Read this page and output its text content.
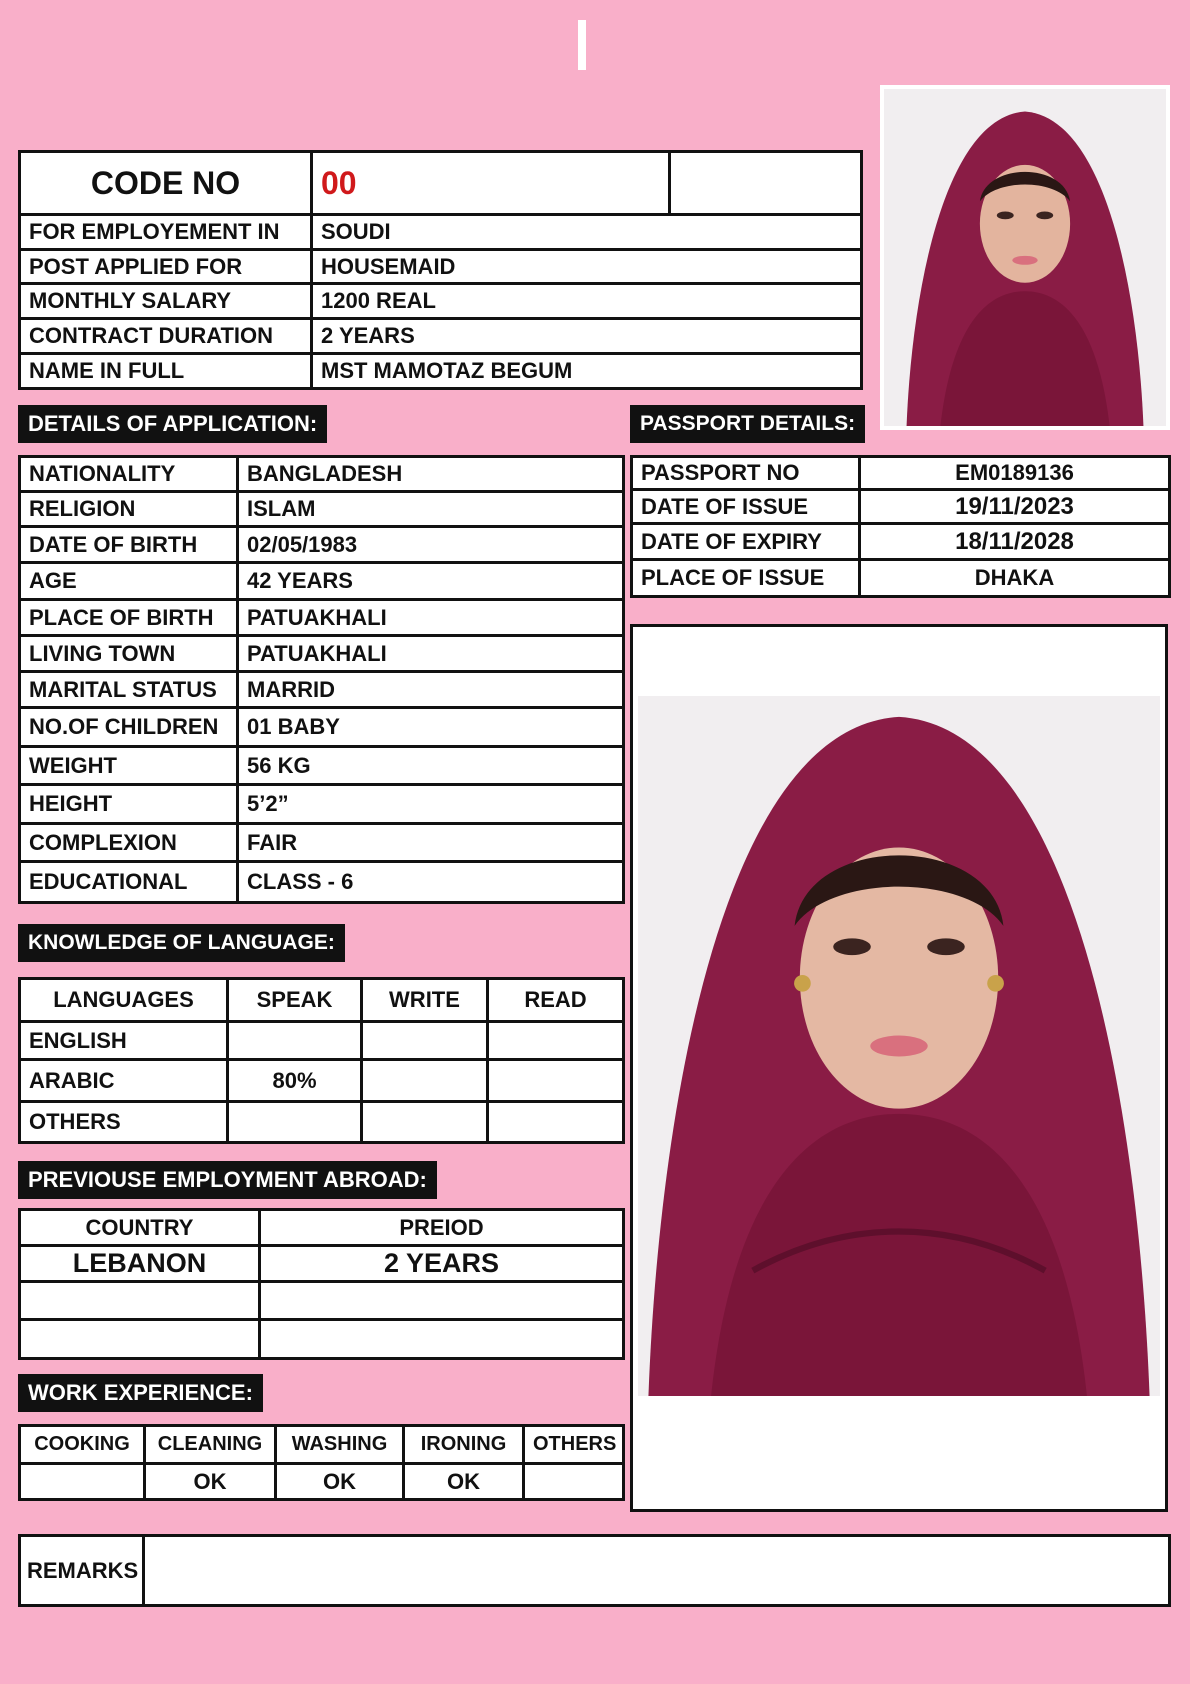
CODE NO	00	
FOR EMPLOYEMENT IN	SOUDI	
POST APPLIED FOR	HOUSEMAID	
MONTHLY SALARY	1200 REAL	
CONTRACT DURATION	2 YEARS	
NAME IN FULL	MST MAMOTAZ BEGUM	
DETAILS OF APPLICATION:
NATIONALITY	BANGLADESH
RELIGION	ISLAM
DATE OF BIRTH	02/05/1983
AGE	42 YEARS
PLACE OF BIRTH	PATUAKHALI
LIVING TOWN	PATUAKHALI
MARITAL STATUS	MARRID
NO.OF CHILDREN	01 BABY
WEIGHT	56 KG
HEIGHT	5’2”
COMPLEXION	FAIR
EDUCATIONAL	CLASS - 6
PASSPORT DETAILS:
PASSPORT NO	EM0189136
DATE OF ISSUE	19/11/2023
DATE OF EXPIRY	18/11/2028
PLACE OF ISSUE	DHAKA
KNOWLEDGE OF LANGUAGE:
LANGUAGES	SPEAK	WRITE	READ
ENGLISH			
ARABIC	80%		
OTHERS			
PREVIOUSE EMPLOYMENT ABROAD:
COUNTRY	PREIOD
LEBANON	2 YEARS

WORK EXPERIENCE:
COOKING	CLEANING	WASHING	IRONING	OTHERS
	OK	OK	OK	
REMARKS	
